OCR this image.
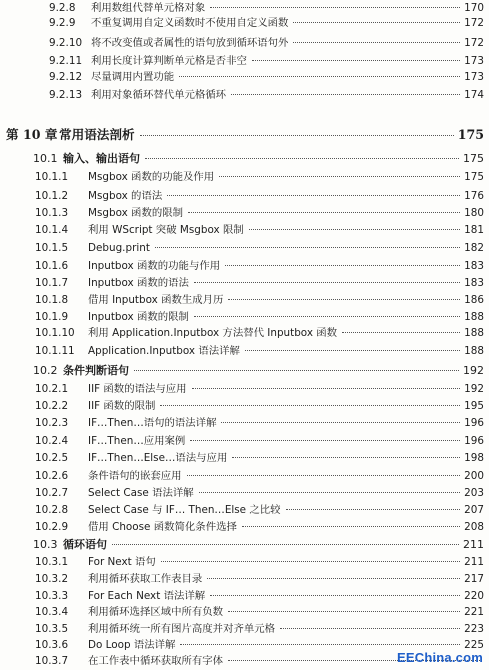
9.2.8	利用数组代替单元格对象	170
9.2.9	不重复调用自定义函数时不使用自定义函数	172
9.2.10 将不改变值或者属性的语句放到循环语句外	172
9.2.11 利用长度计算判断单元格是否非空	173
9.2.12 尽量调用内置功能	173
9.2.13 利用对象循环替代单元格循环	174
第 10 章 常用语法剖析	175
10.1 输入、输出语句	175
10.1.1	Msgbox 函数的功能及作用	175
10.1.2	Msgbox 的语法	176
10.1.3	Msgbox 函数的限制	180
10.1.4	利用 WScript 突破 Msgbox 限制	181
10.1.5	Debug.print	182
10.1.6	Inputbox 函数的功能与作用	183
10.1.7	Inputbox 函数的语法	183
10.1.8	借用 Inputbox 函数生成月历	186
10.1.9	Inputbox 函数的限制	188
10.1.10	利用 Application.Inputbox 方法替代 Inputbox 函数	188
10.1.11	Application.Inputbox 语法详解	188
10.2 条件判断语句	192
10.2.1	IIF 函数的语法与应用	192
10.2.2	IIF 函数的限制	195
10.2.3	IF…Then…语句的语法详解	196
10.2.4	IF…Then…应用案例	196
10.2.5	IF…Then…Else…语法与应用	198
10.2.6	条件语句的嵌套应用	200
10.2.7	Select Case 语法详解	203
10.2.8	Select Case 与 IF… Then…Else 之比较	207
10.2.9	借用 Choose 函数简化条件选择	208
10.3 循环语句	211
10.3.1	For Next 语句	211
10.3.2	利用循环获取工作表目录	217
10.3.3	For Each Next 语法详解	220
10.3.4	利用循环选择区域中所有负数	221
10.3.5	利用循环统一所有图片高度并对齐单元格	223
10.3.6	Do Loop 语法详解	225
10.3.7	在工作表中循环获取所有字体	EEChina.com
